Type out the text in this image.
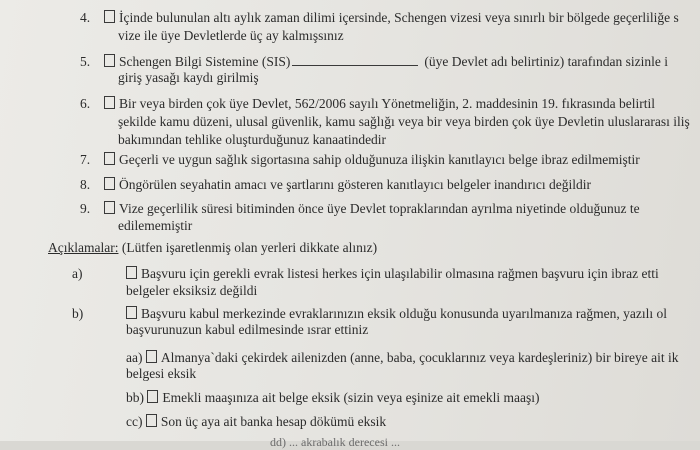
4.	İçinde bulunulan altı aylık zaman dilimi içersinde, Schengen vizesi veya sınırlı bir bölgede geçerliliğe s
vize ile üye Devletlerde üç ay kalmışsınız
5.	Schengen Bilgi Sistemine (SIS)	(üye Devlet adı belirtiniz) tarafından sizinle i
giriş yasağı kaydı girilmiş
6.	Bir veya birden çok üye Devlet, 562/2006 sayılı Yönetmeliğin, 2. maddesinin 19. fıkrasında belirtil
şekilde kamu düzeni, ulusal güvenlik, kamu sağlığı veya bir veya birden çok üye Devletin uluslararası iliş
bakımından tehlike oluşturduğunuz kanaatindedir
7.	Geçerli ve uygun sağlık sigortasına sahip olduğunuza ilişkin kanıtlayıcı belge ibraz edilmemiştir
8.	Öngörülen seyahatin amacı ve şartlarını gösteren kanıtlayıcı belgeler inandırıcı değildir
9.	Vize geçerlilik süresi bitiminden önce üye Devlet topraklarından ayrılma niyetinde olduğunuz te
edilememiştir
Açıklamalar: (Lütfen işaretlenmiş olan yerleri dikkate alınız)
a)	Başvuru için gerekli evrak listesi herkes için ulaşılabilir olmasına rağmen başvuru için ibraz etti
belgeler eksiksiz değildi
b)	Başvuru kabul merkezinde evraklarınızın eksik olduğu konusunda uyarılmanıza rağmen, yazılı ol
başvurunuzun kabul edilmesinde ısrar ettiniz
aa) Almanya`daki çekirdek ailenizden (anne, baba, çocuklarınız veya kardeşleriniz) bir bireye ait ik
belgesi eksik
bb) Emekli maaşınıza ait belge eksik (sizin veya eşinize ait emekli maaşı)
cc) Son üç aya ait banka hesap dökümü eksik
dd) ... akrabalık derecesi ...
